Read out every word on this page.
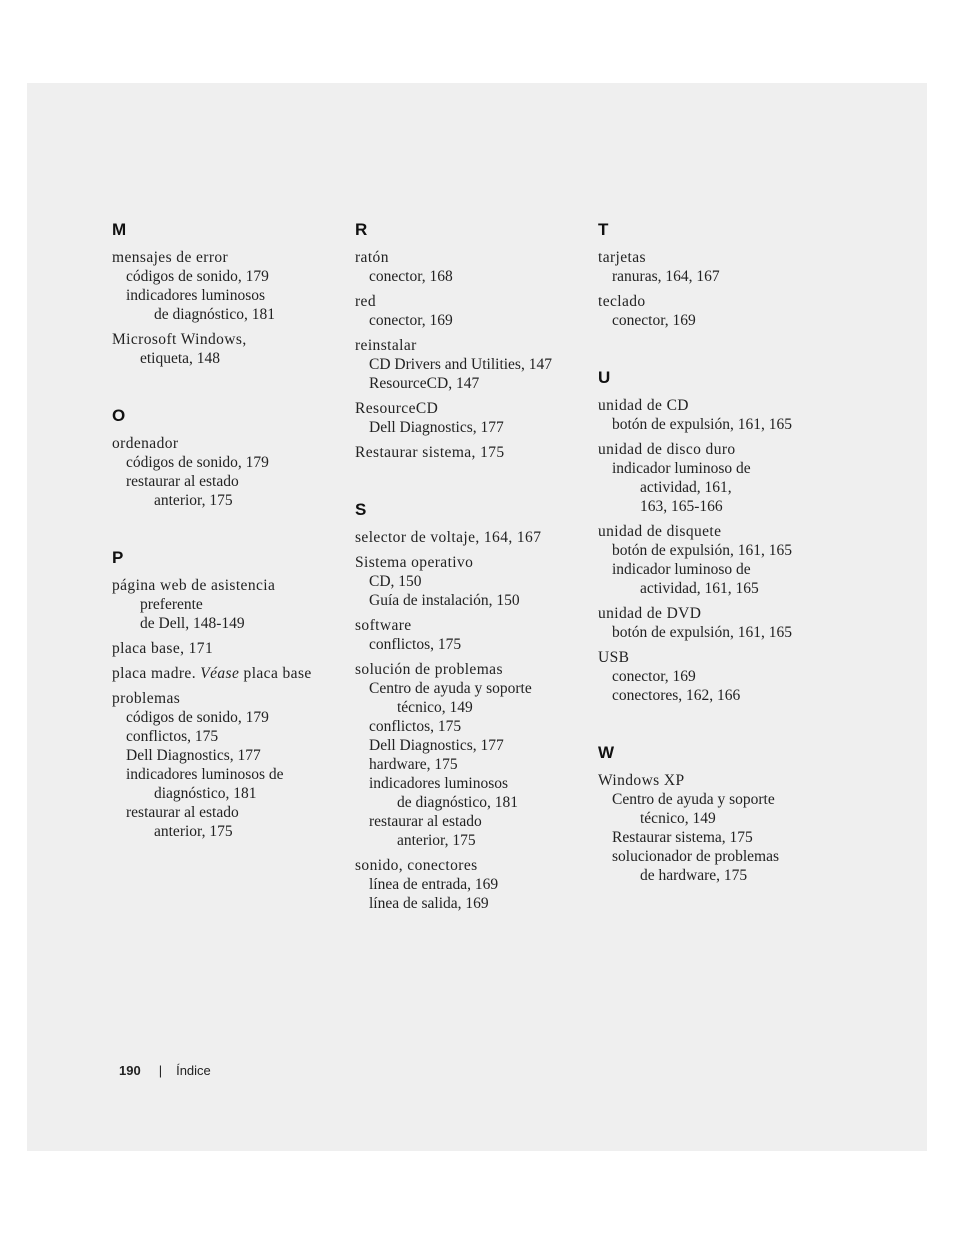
M
mensajes de error
códigos de sonido, 179
indicadores luminosos
de diagnóstico, 181
Microsoft Windows,
etiqueta, 148
O
ordenador
códigos de sonido, 179
restaurar al estado
anterior, 175
P
página web de asistencia
preferente
de Dell, 148-149
placa base, 171
placa madre. Véase placa base
problemas
códigos de sonido, 179
conflictos, 175
Dell Diagnostics, 177
indicadores luminosos de
diagnóstico, 181
restaurar al estado
anterior, 175
R
ratón
conector, 168
red
conector, 169
reinstalar
CD Drivers and Utilities, 147
ResourceCD, 147
ResourceCD
Dell Diagnostics, 177
Restaurar sistema, 175
S
selector de voltaje, 164, 167
Sistema operativo
CD, 150
Guía de instalación, 150
software
conflictos, 175
solución de problemas
Centro de ayuda y soporte
técnico, 149
conflictos, 175
Dell Diagnostics, 177
hardware, 175
indicadores luminosos
de diagnóstico, 181
restaurar al estado
anterior, 175
sonido, conectores
línea de entrada, 169
línea de salida, 169
T
tarjetas
ranuras, 164, 167
teclado
conector, 169
U
unidad de CD
botón de expulsión, 161, 165
unidad de disco duro
indicador luminoso de
actividad, 161,
163, 165-166
unidad de disquete
botón de expulsión, 161, 165
indicador luminoso de
actividad, 161, 165
unidad de DVD
botón de expulsión, 161, 165
USB
conector, 169
conectores, 162, 166
W
Windows XP
Centro de ayuda y soporte
técnico, 149
Restaurar sistema, 175
solucionador de problemas
de hardware, 175
190 | Índice
